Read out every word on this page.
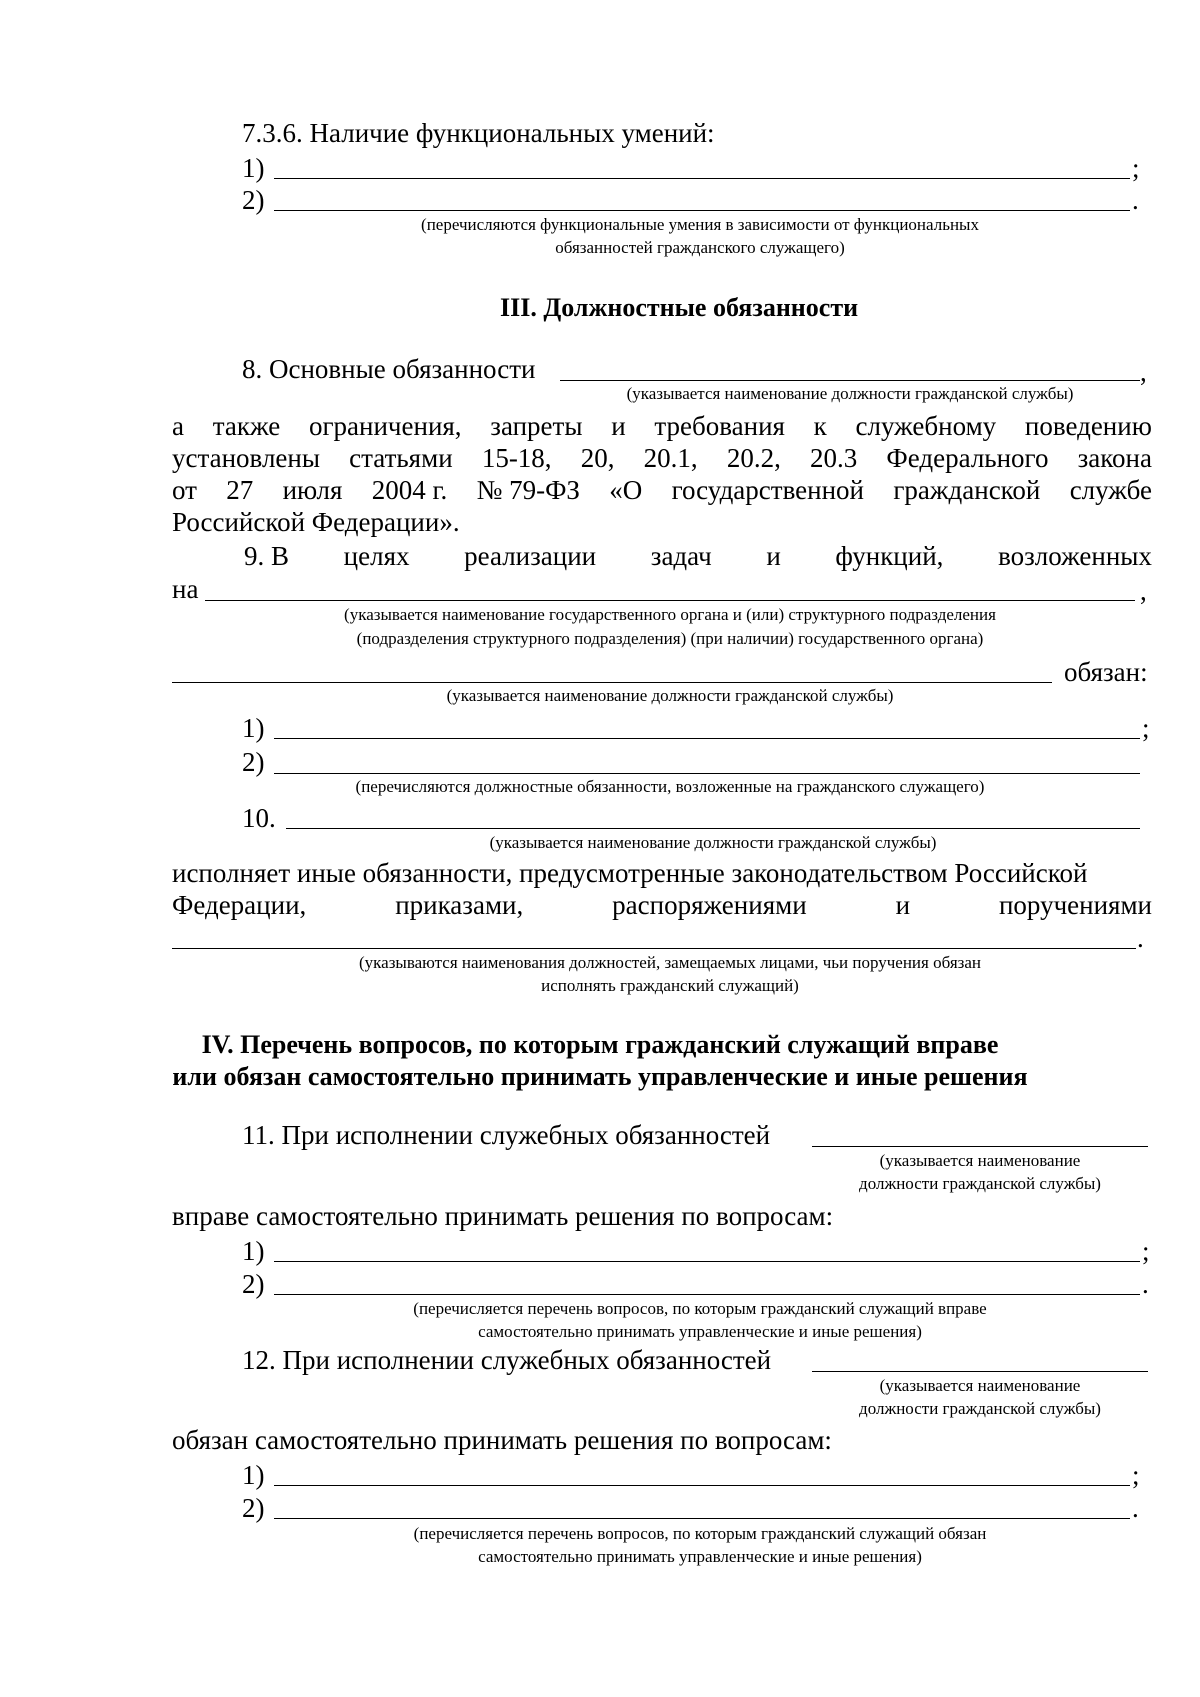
7.3.6. Наличие функциональных умений:
1)	;
2)	.
(перечисляются функциональные умения в зависимости от функциональных
обязанностей гражданского служащего)
III. Должностные обязанности
8. Основные обязанности	,
(указывается наименование должности гражданской службы)
а также ограничения, запреты и требования к служебному поведению
установлены статьями 15-18, 20, 20.1, 20.2, 20.3 Федерального закона
от 27 июля 2004 г. № 79-ФЗ «О государственной гражданской службе
Российской Федерации».
9. В целях реализации задач и функций, возложенных
на	,
(указывается наименование государственного органа и (или) структурного подразделения
(подразделения структурного подразделения) (при наличии) государственного органа)
обязан:
(указывается наименование должности гражданской службы)
1)	;
2)
(перечисляются должностные обязанности, возложенные на гражданского служащего)
10.
(указывается наименование должности гражданской службы)
исполняет иные обязанности, предусмотренные законодательством Российской
Федерации,	приказами,	распоряжениями	и	поручениями
.
(указываются наименования должностей, замещаемых лицами, чьи поручения обязан
исполнять гражданский служащий)
IV. Перечень вопросов, по которым гражданский служащий вправе
или обязан самостоятельно принимать управленческие и иные решения
11. При исполнении служебных обязанностей
(указывается наименование
должности гражданской службы)
вправе самостоятельно принимать решения по вопросам:
1)	;
2)	.
(перечисляется перечень вопросов, по которым гражданский служащий вправе
самостоятельно принимать управленческие и иные решения)
12. При исполнении служебных обязанностей
(указывается наименование
должности гражданской службы)
обязан самостоятельно принимать решения по вопросам:
1)	;
2)	.
(перечисляется перечень вопросов, по которым гражданский служащий обязан
самостоятельно принимать управленческие и иные решения)
